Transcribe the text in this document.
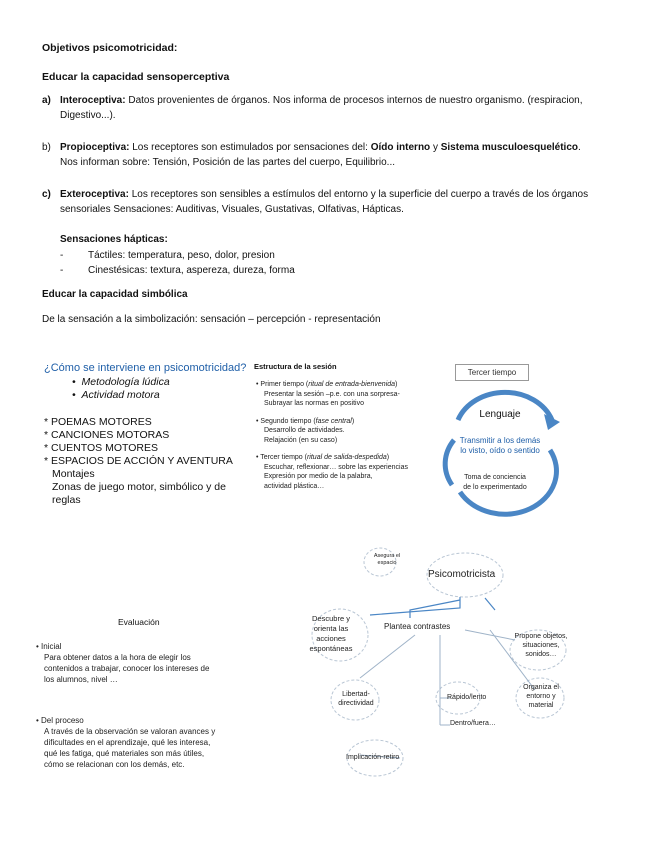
Objetivos psicomotricidad:
Educar la capacidad sensoperceptiva
a) Interoceptiva: Datos provenientes de órganos. Nos informa de procesos internos de nuestro organismo. (respiracion,
Digestivo...).
b) Propioceptiva: Los receptores son estimulados por sensaciones del: Oído interno y Sistema musculoesquelético.
Nos informan sobre: Tensión, Posición de las partes del cuerpo, Equilibrio...
c) Exteroceptiva: Los receptores son sensibles a estímulos del entorno y la superficie del cuerpo a través de los órganos
sensoriales Sensaciones: Auditivas, Visuales, Gustativas, Olfativas, Hápticas.
Sensaciones hápticas:
- Táctiles: temperatura, peso, dolor, presion
- Cinestésicas: textura, aspereza, dureza, forma
Educar la capacidad simbólica
De la sensación a la simbolización: sensación – percepción - representación
¿Cómo se interviene en psicomotricidad?
•  Metodología lúdica
•  Actividad motora
* POEMAS MOTORES
* CANCIONES MOTORAS
* CUENTOS MOTORES
* ESPACIOS DE ACCIÓN Y AVENTURA
Montajes
Zonas de juego motor, simbólico y de
reglas
Estructura de la sesión
• Primer tiempo (ritual de entrada-bienvenida)
Presentar la sesión –p.e. con una sorpresa-
Subrayar las normas en positivo
• Segundo tiempo (fase central)
Desarrollo de actividades.
Relajación (en su caso)
• Tercer tiempo (ritual de salida-despedida)
Escuchar, reflexionar… sobre las experiencias
Expresión por medio de la palabra,
actividad plástica…
Tercer tiempo
Lenguaje
Transmitir a los demás
lo visto, oído o sentido
Toma de conciencia
de lo experimentado
Evaluación
• Inicial
Para obtener datos a la hora de elegir los
contenidos a trabajar, conocer los intereses de
los alumnos, nivel …
• Del proceso
A través de la observación se valoran avances y
dificultades en el aprendizaje, qué les interesa,
qué les fatiga, qué materiales son más útiles,
cómo se relacionan con los demás, etc.
Asegura el
espacio
Psicomotricista
Descubre y
orienta las
acciones
espontáneas
Plantea contrastes
Propone objetos,
situaciones,
sonidos…
Organiza el
entorno y
material
Libertad-
directividad
Rápido/lento
Dentro/fuera…
Implicación-retiro
